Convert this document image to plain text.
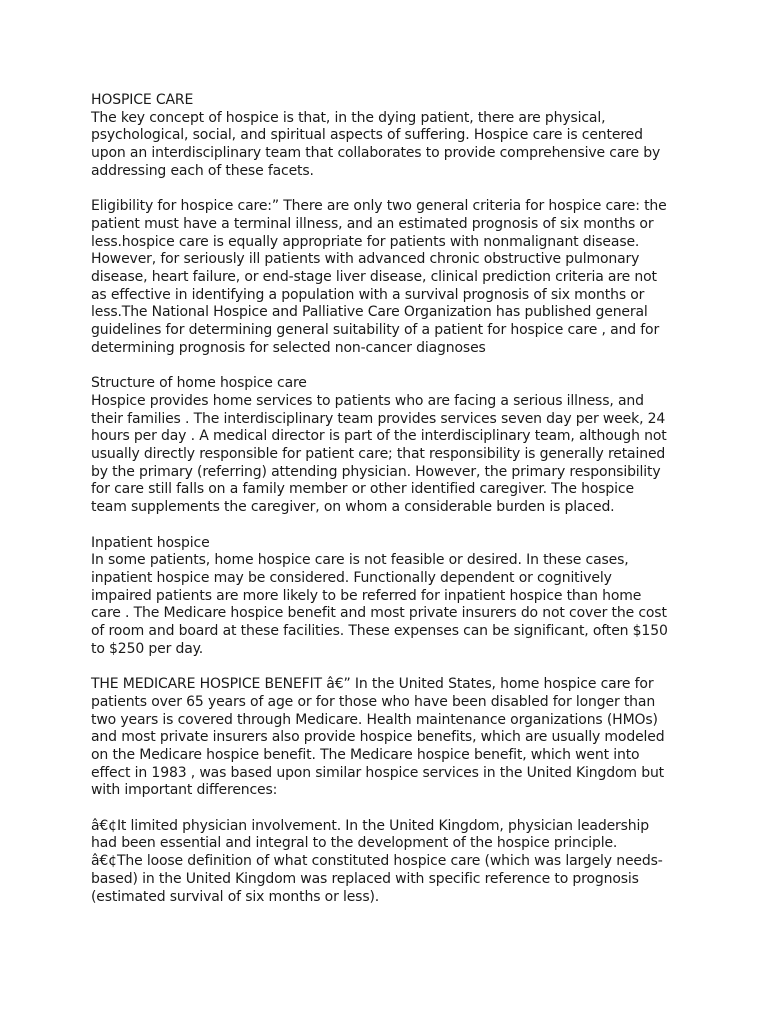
HOSPICE CARE
The key concept of hospice is that, in the dying patient, there are physical,
psychological, social, and spiritual aspects of suffering. Hospice care is centered
upon an interdisciplinary team that collaborates to provide comprehensive care by
addressing each of these facets.
Eligibility for hospice care:” There are only two general criteria for hospice care: the
patient must have a terminal illness, and an estimated prognosis of six months or
less.hospice care is equally appropriate for patients with nonmalignant disease.
However, for seriously ill patients with advanced chronic obstructive pulmonary
disease, heart failure, or end-stage liver disease, clinical prediction criteria are not
as effective in identifying a population with a survival prognosis of six months or
less.The National Hospice and Palliative Care Organization has published general
guidelines for determining general suitability of a patient for hospice care , and for
determining prognosis for selected non-cancer diagnoses
Structure of home hospice care
Hospice provides home services to patients who are facing a serious illness, and
their families . The interdisciplinary team provides services seven day per week, 24
hours per day . A medical director is part of the interdisciplinary team, although not
usually directly responsible for patient care; that responsibility is generally retained
by the primary (referring) attending physician. However, the primary responsibility
for care still falls on a family member or other identified caregiver. The hospice
team supplements the caregiver, on whom a considerable burden is placed.
Inpatient hospice
In some patients, home hospice care is not feasible or desired. In these cases,
inpatient hospice may be considered. Functionally dependent or cognitively
impaired patients are more likely to be referred for inpatient hospice than home
care . The Medicare hospice benefit and most private insurers do not cover the cost
of room and board at these facilities. These expenses can be significant, often $150
to $250 per day.
THE MEDICARE HOSPICE BENEFIT â€” In the United States, home hospice care for
patients over 65 years of age or for those who have been disabled for longer than
two years is covered through Medicare. Health maintenance organizations (HMOs)
and most private insurers also provide hospice benefits, which are usually modeled
on the Medicare hospice benefit. The Medicare hospice benefit, which went into
effect in 1983 , was based upon similar hospice services in the United Kingdom but
with important differences:
â€¢It limited physician involvement. In the United Kingdom, physician leadership
had been essential and integral to the development of the hospice principle.
â€¢The loose definition of what constituted hospice care (which was largely needs-
based) in the United Kingdom was replaced with specific reference to prognosis
(estimated survival of six months or less).
